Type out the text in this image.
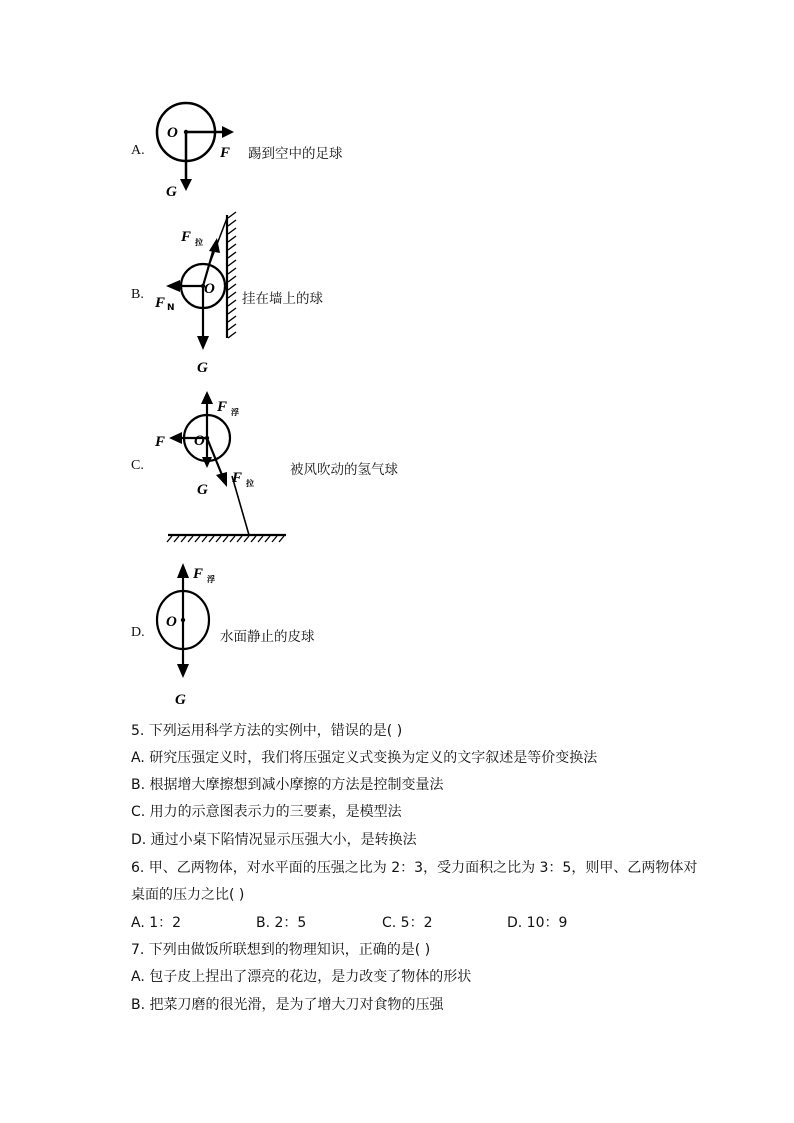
A.
O
F
G
踢到空中的足球
B.
F 拉
F N
O
G
挂在墙上的球
C.
F 浮
F O
G
F 拉
被风吹动的氢气球
D.
F 浮
O
G
水面静止的皮球
5. 下列运用科学方法的实例中，错误的是( )
A. 研究压强定义时，我们将压强定义式变换为定义的文字叙述是等价变换法
B. 根据增大摩擦想到减小摩擦的方法是控制变量法
C. 用力的示意图表示力的三要素，是模型法
D. 通过小桌下陷情况显示压强大小，是转换法
6. 甲、乙两物体，对水平面的压强之比为 2：3，受力面积之比为 3：5，则甲、乙两物体对
桌面的压力之比( )
A. 1：2	B. 2：5	C. 5：2	D. 10：9
7. 下列由做饭所联想到的物理知识，正确的是( )
A. 包子皮上捏出了漂亮的花边，是力改变了物体的形状
B. 把菜刀磨的很光滑，是为了增大刀对食物的压强
